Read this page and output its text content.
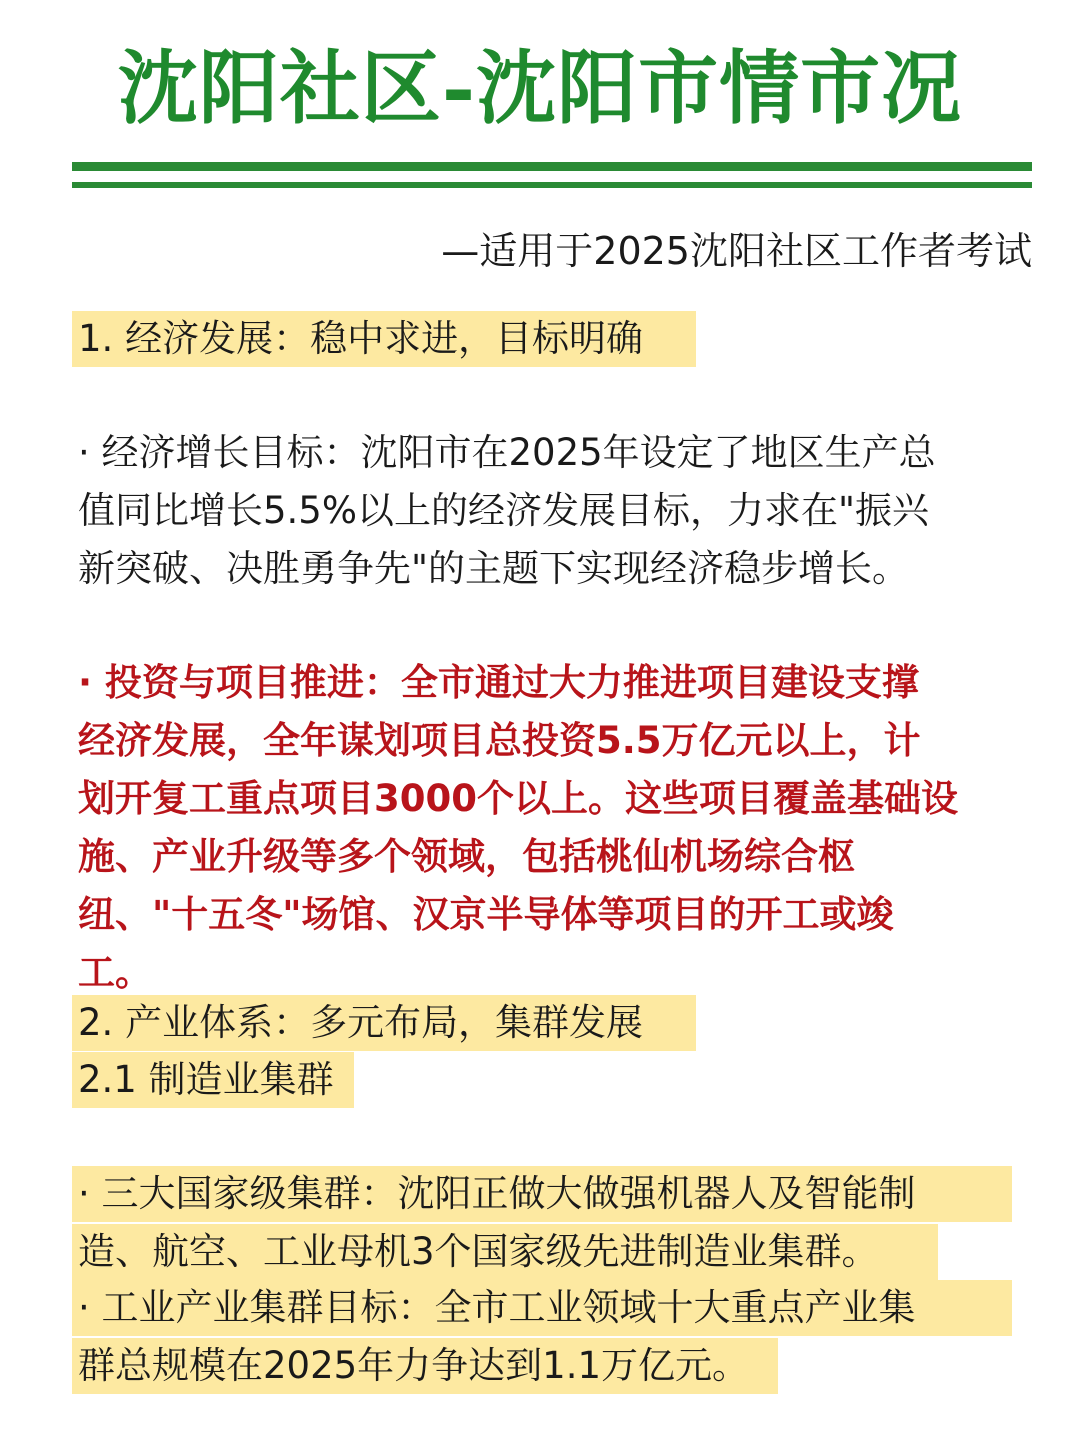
沈阳社区-沈阳市情市况
—适用于2025沈阳社区工作者考试
1. 经济发展：稳中求进，目标明确
· 经济增长目标：沈阳市在2025年设定了地区生产总
值同比增长5.5%以上的经济发展目标，力求在"振兴
新突破、决胜勇争先"的主题下实现经济稳步增长。
· 投资与项目推进：全市通过大力推进项目建设支撑
经济发展，全年谋划项目总投资5.5万亿元以上，计
划开复工重点项目3000个以上。这些项目覆盖基础设
施、产业升级等多个领域，包括桃仙机场综合枢
纽、"十五冬"场馆、汉京半导体等项目的开工或竣
工。
2. 产业体系：多元布局，集群发展
2.1 制造业集群
· 三大国家级集群：沈阳正做大做强机器人及智能制
造、航空、工业母机3个国家级先进制造业集群。
· 工业产业集群目标：全市工业领域十大重点产业集
群总规模在2025年力争达到1.1万亿元。
